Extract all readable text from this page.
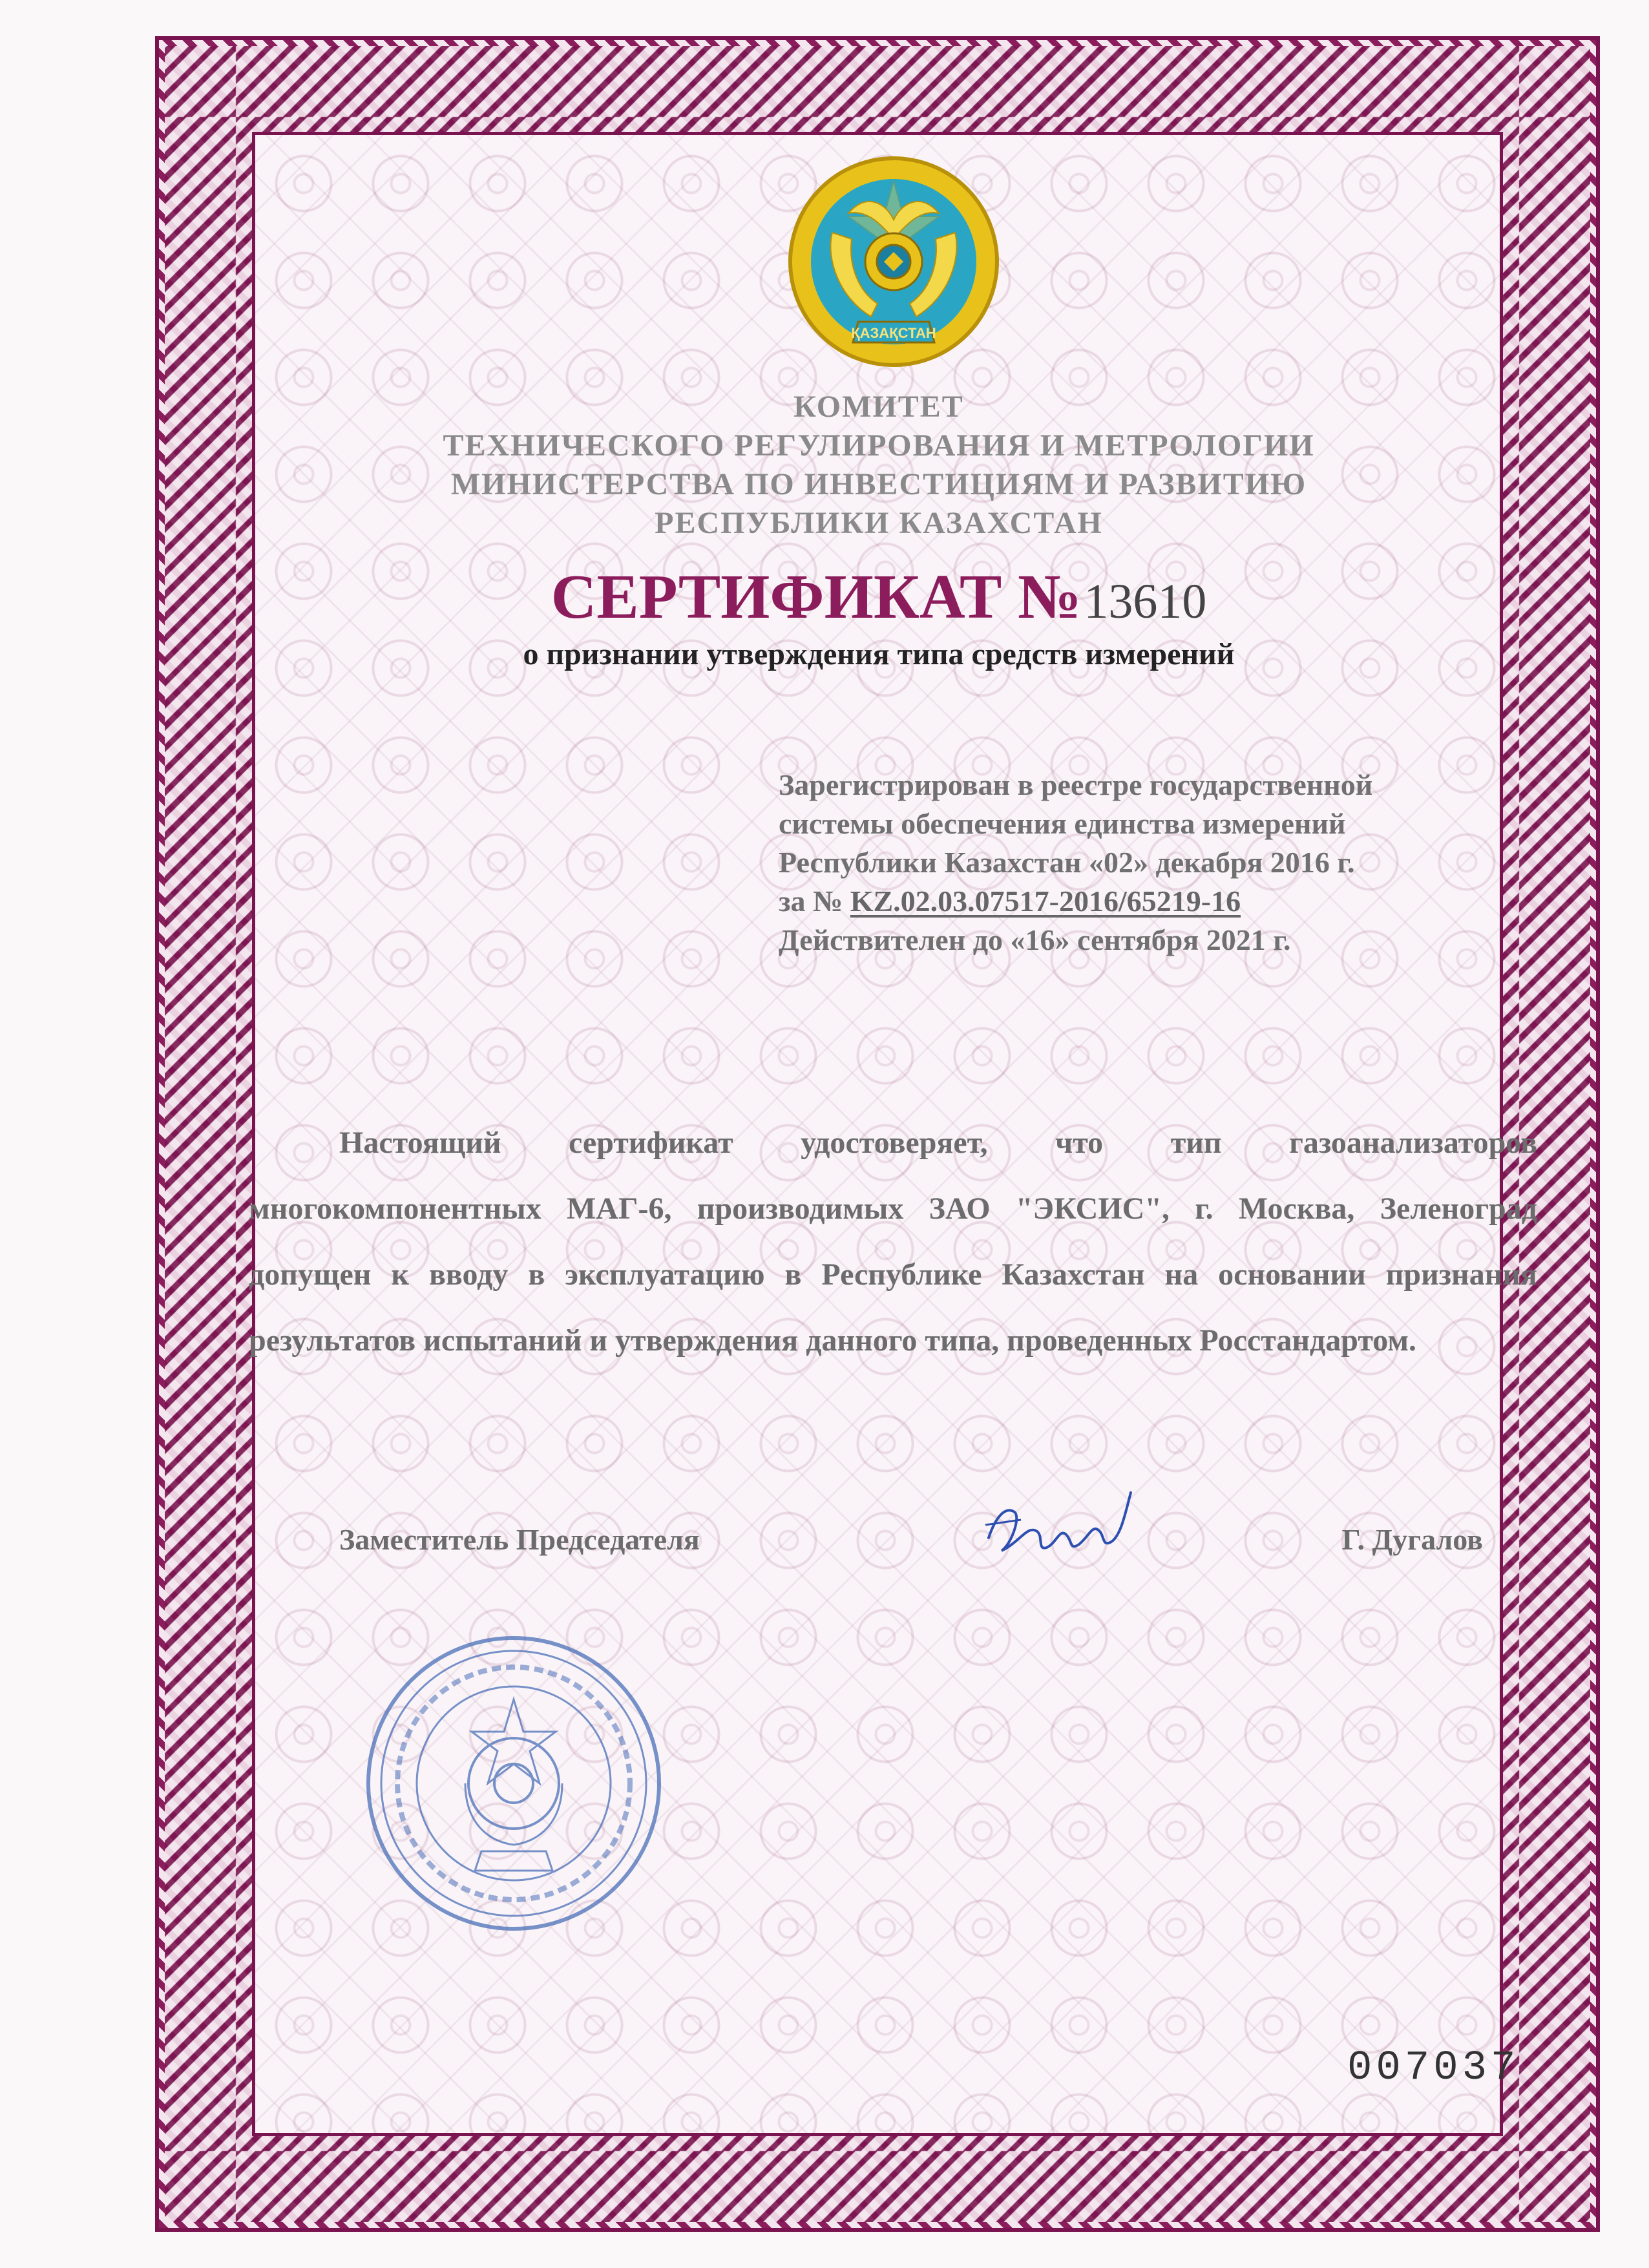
ҚАЗАҚСТАН
КОМИТЕТ
ТЕХНИЧЕСКОГО РЕГУЛИРОВАНИЯ И МЕТРОЛОГИИ
МИНИСТЕРСТВА ПО ИНВЕСТИЦИЯМ И РАЗВИТИЮ
РЕСПУБЛИКИ КАЗАХСТАН
СЕРТИФИКАТ №13610
о признании утверждения типа средств измерений
Зарегистрирован в реестре государственной
системы обеспечения единства измерений
Республики Казахстан «02» декабря 2016 г.
за № KZ.02.03.07517-2016/65219-16
Действителен до «16» сентября 2021 г.
Настоящий сертификат удостоверяет, что тип газоанализаторов многокомпонентных МАГ-6, производимых ЗАО "ЭКСИС", г. Москва, Зеленоград допущен к вводу в эксплуатацию в Республике Казахстан на основании признания результатов испытаний и утверждения данного типа, проведенных Росстандартом.
Заместитель Председателя	Г. Дугалов
007037
